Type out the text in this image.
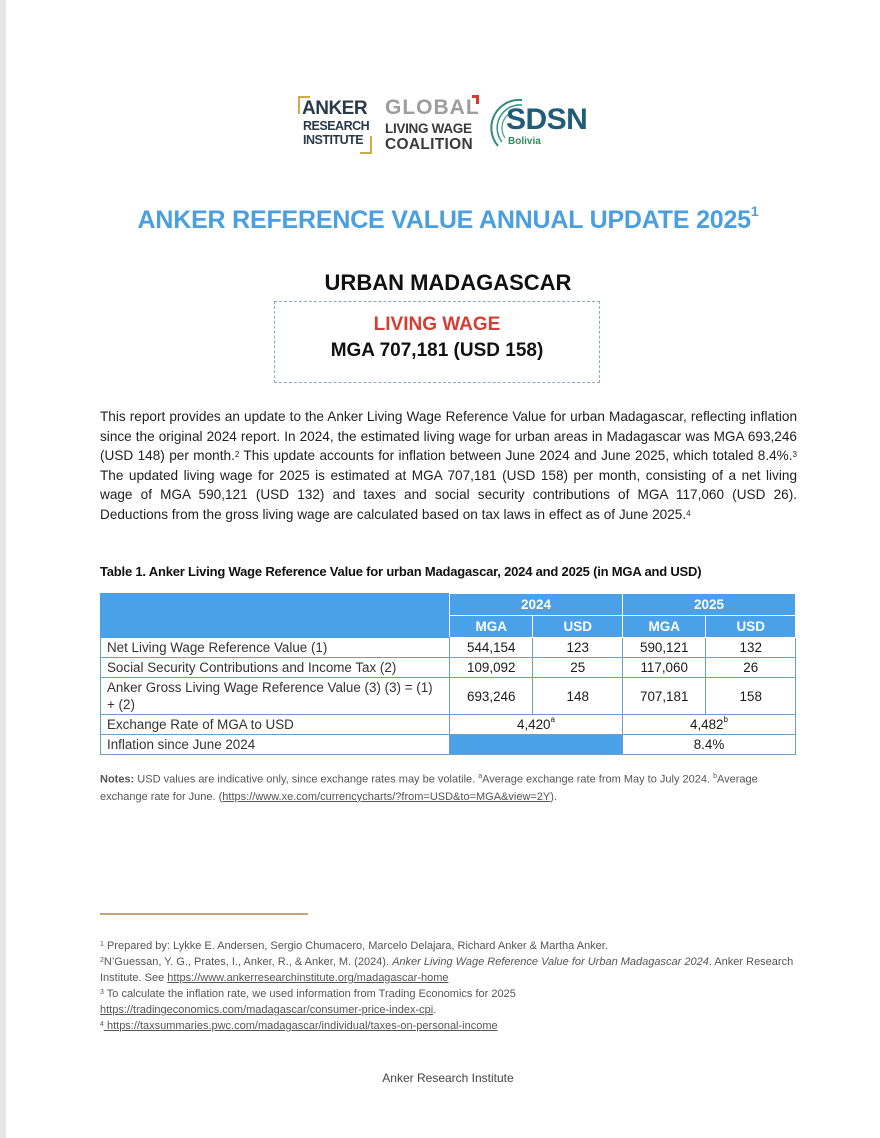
ANKER
RESEARCH
INSTITUTE
GLOBAL
LIVING WAGE
COALITION
SDSN
Bolivia
ANKER REFERENCE VALUE ANNUAL UPDATE 2025$^1$
URBAN MADAGASCAR
LIVING WAGE
MGA 707,181 (USD 158)
This report provides an update to the Anker Living Wage Reference Value for urban Madagascar, reflecting inflation since the original 2024 report. In 2024, the estimated living wage for urban areas in Madagascar was MGA 693,246 (USD 148) per month.$^2$ This update accounts for inflation between June 2024 and June 2025, which totaled 8.4%.$^3$ The updated living wage for 2025 is estimated at MGA 707,181 (USD 158) per month, consisting of a net living wage of MGA 590,121 (USD 132) and taxes and social security contributions of MGA 117,060 (USD 26). Deductions from the gross living wage are calculated based on tax laws in effect as of June 2025.$^4$
Table 1. Anker Living Wage Reference Value for urban Madagascar, 2024 and 2025 (in MGA and USD)
	2024		2025	
	MGA	USD	MGA	USD
Net Living Wage Reference Value (1)	544,154	123	590,121	132
Social Security Contributions and Income Tax (2)	109,092	25	117,060	26
Anker Gross Living Wage Reference Value (3) (3) = (1) + (2)	693,246	148	707,181	158
Exchange Rate of MGA to USD	4,420$^a$		4,482$^b$
Inflation since June 2024			8.4%	
Notes: USD values are indicative only, since exchange rates may be volatile. $^a$Average exchange rate from May to July 2024. $^b$Average exchange rate for June. (https://www.xe.com/currencycharts/?from=USD&to=MGA&view=2Y).
$^1$ Prepared by: Lykke E. Andersen, Sergio Chumacero, Marcelo Delajara, Richard Anker & Martha Anker.
$^2$N’Guessan, Y. G., Prates, I., Anker, R., & Anker, M. (2024). Anker Living Wage Reference Value for Urban Madagascar 2024. Anker Research Institute. See https://www.ankerresearchinstitute.org/madagascar-home
$^3$ To calculate the inflation rate, we used information from Trading Economics for 2025
https://tradingeconomics.com/madagascar/consumer-price-index-cpi.
$^4$ https://taxsummaries.pwc.com/madagascar/individual/taxes-on-personal-income
Anker Research Institute
